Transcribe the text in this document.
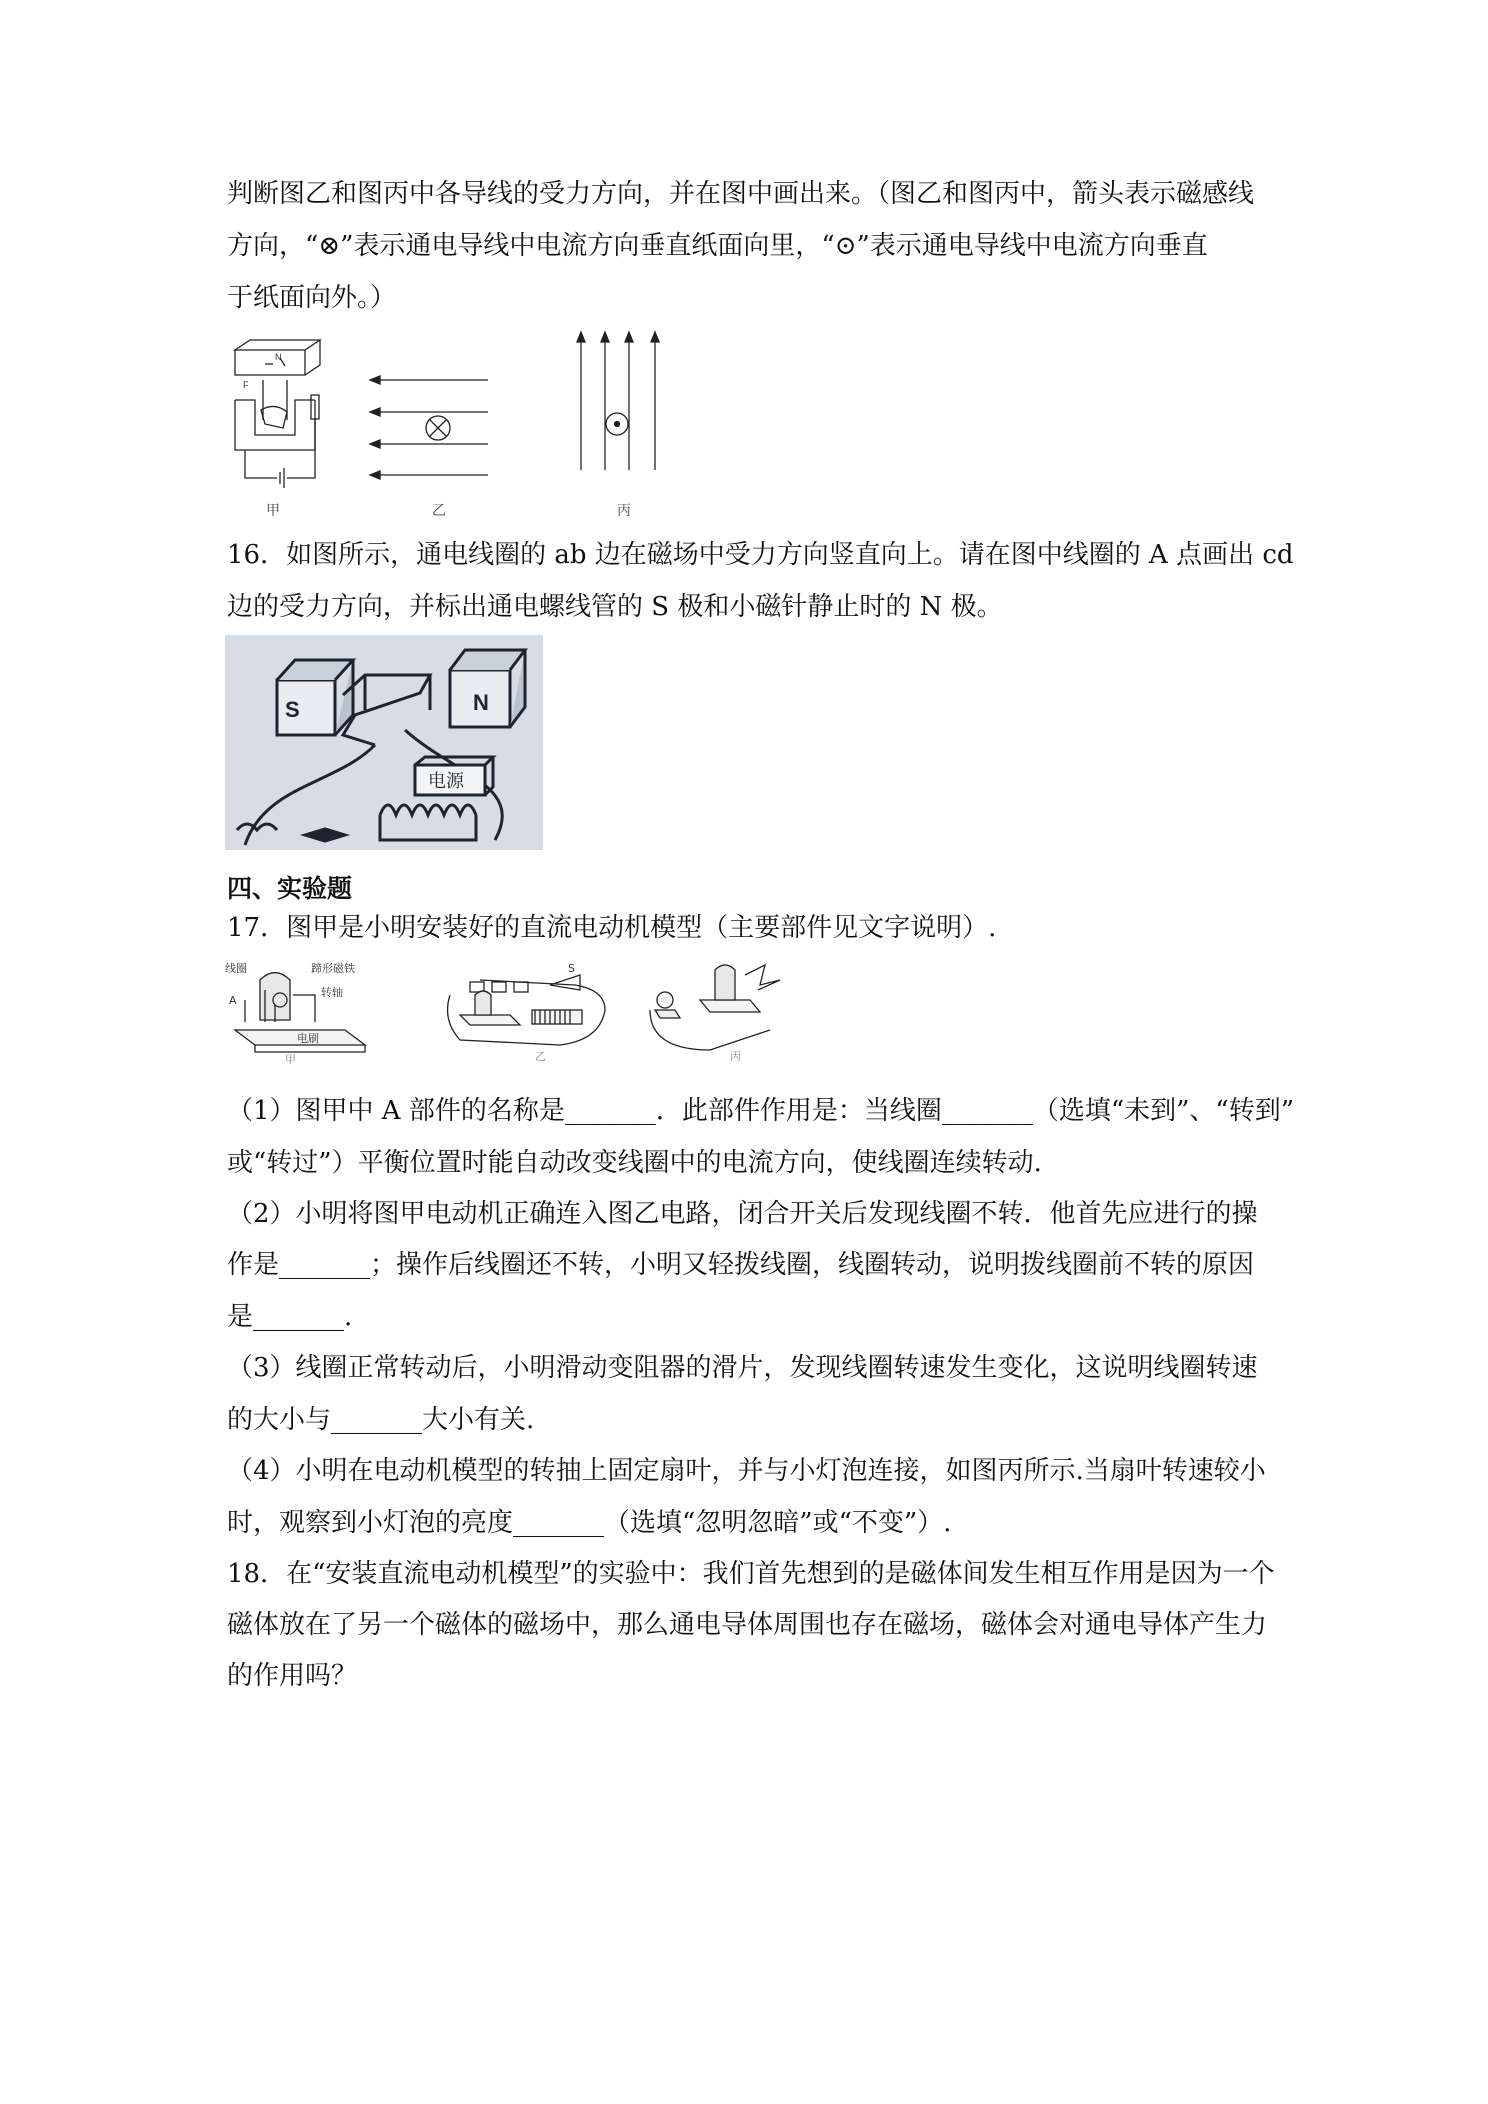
判断图乙和图丙中各导线的受力方向，并在图中画出来。（图乙和图丙中，箭头表示磁感线
方向，“⊗”表示通电导线中电流方向垂直纸面向里，“⊙”表示通电导线中电流方向垂直
于纸面向外。）
F
N
甲	乙	丙
16．如图所示，通电线圈的 ab 边在磁场中受力方向竖直向上。请在图中线圈的 A 点画出 cd
边的受力方向，并标出通电螺线管的 S 极和小磁针静止时的 N 极。
S	N
电源
四、实验题
17．图甲是小明安装好的直流电动机模型（主要部件见文字说明）.
线圈	蹄形磁铁
A
转轴
电刷
甲
S
乙	丙
（1）图甲中 A 部件的名称是_______．此部件作用是：当线圈_______（选填“未到”、“转到”
或“转过”）平衡位置时能自动改变线圈中的电流方向，使线圈连续转动.
（2）小明将图甲电动机正确连入图乙电路，闭合开关后发现线圈不转．他首先应进行的操
作是_______；操作后线圈还不转，小明又轻拨线圈，线圈转动，说明拨线圈前不转的原因
是_______.
（3）线圈正常转动后，小明滑动变阻器的滑片，发现线圈转速发生变化，这说明线圈转速
的大小与_______大小有关.
（4）小明在电动机模型的转抽上固定扇叶，并与小灯泡连接，如图丙所示.当扇叶转速较小
时，观察到小灯泡的亮度_______（选填“忽明忽暗”或“不变”）.
18．在“安装直流电动机模型”的实验中：我们首先想到的是磁体间发生相互作用是因为一个
磁体放在了另一个磁体的磁场中，那么通电导体周围也存在磁场，磁体会对通电导体产生力
的作用吗？
